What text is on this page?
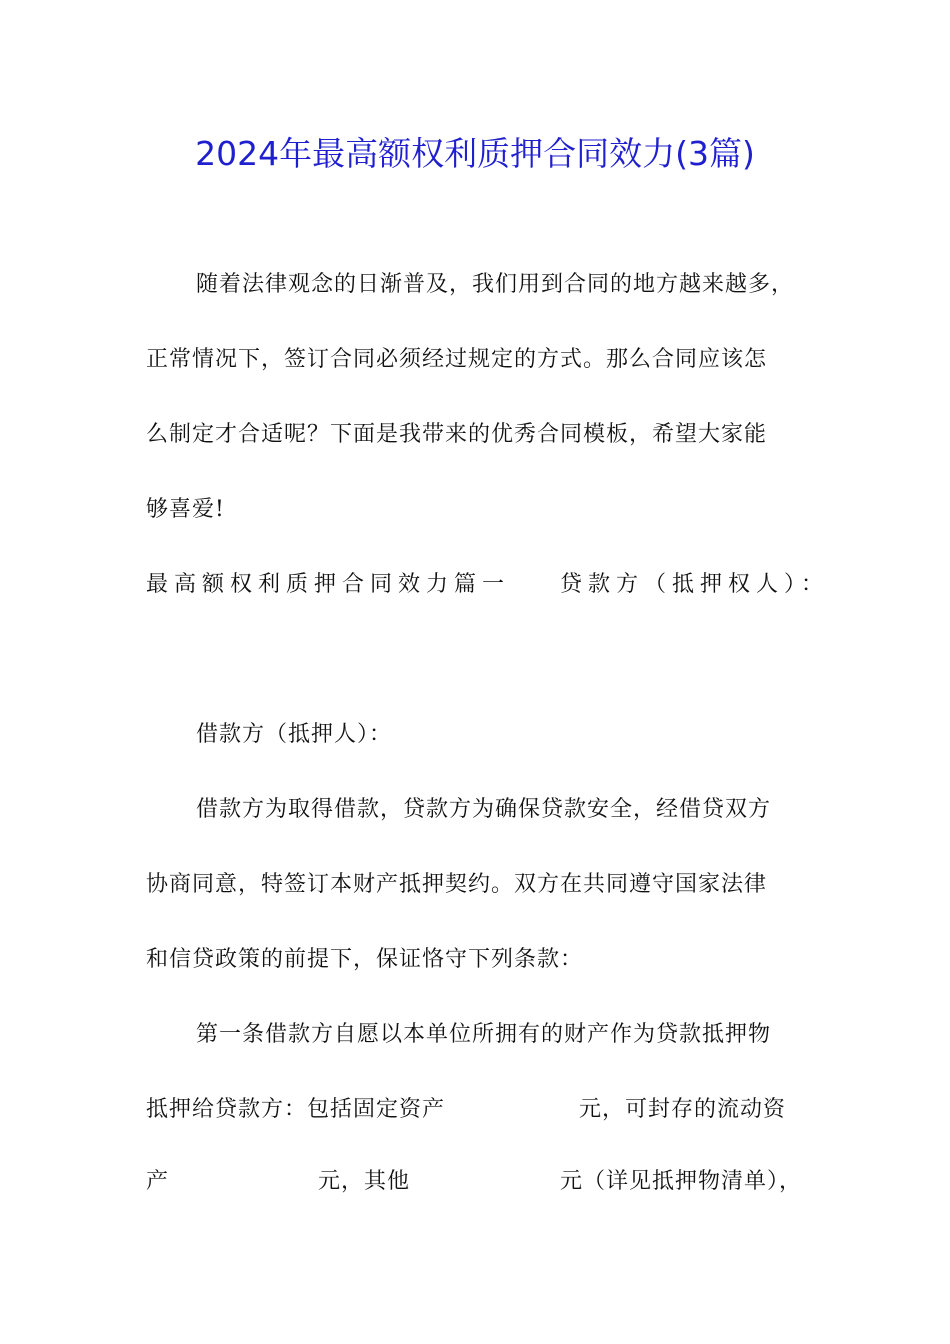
2024年最高额权利质押合同效力(3篇)
随着法律观念的日渐普及，我们用到合同的地方越来越多，
正常情况下，签订合同必须经过规定的方式。那么合同应该怎
么制定才合适呢？下面是我带来的优秀合同模板，希望大家能
够喜爱!
最高额权利质押合同效力篇一 贷款方（抵押权人）：
借款方（抵押人）：
借款方为取得借款，贷款方为确保贷款安全，经借贷双方
协商同意，特签订本财产抵押契约。双方在共同遵守国家法律
和信贷政策的前提下，保证恪守下列条款：
第一条借款方自愿以本单位所拥有的财产作为贷款抵押物
抵押给贷款方：包括固定资产	元，可封存的流动资
产	元，其他	元（详见抵押物清单），
